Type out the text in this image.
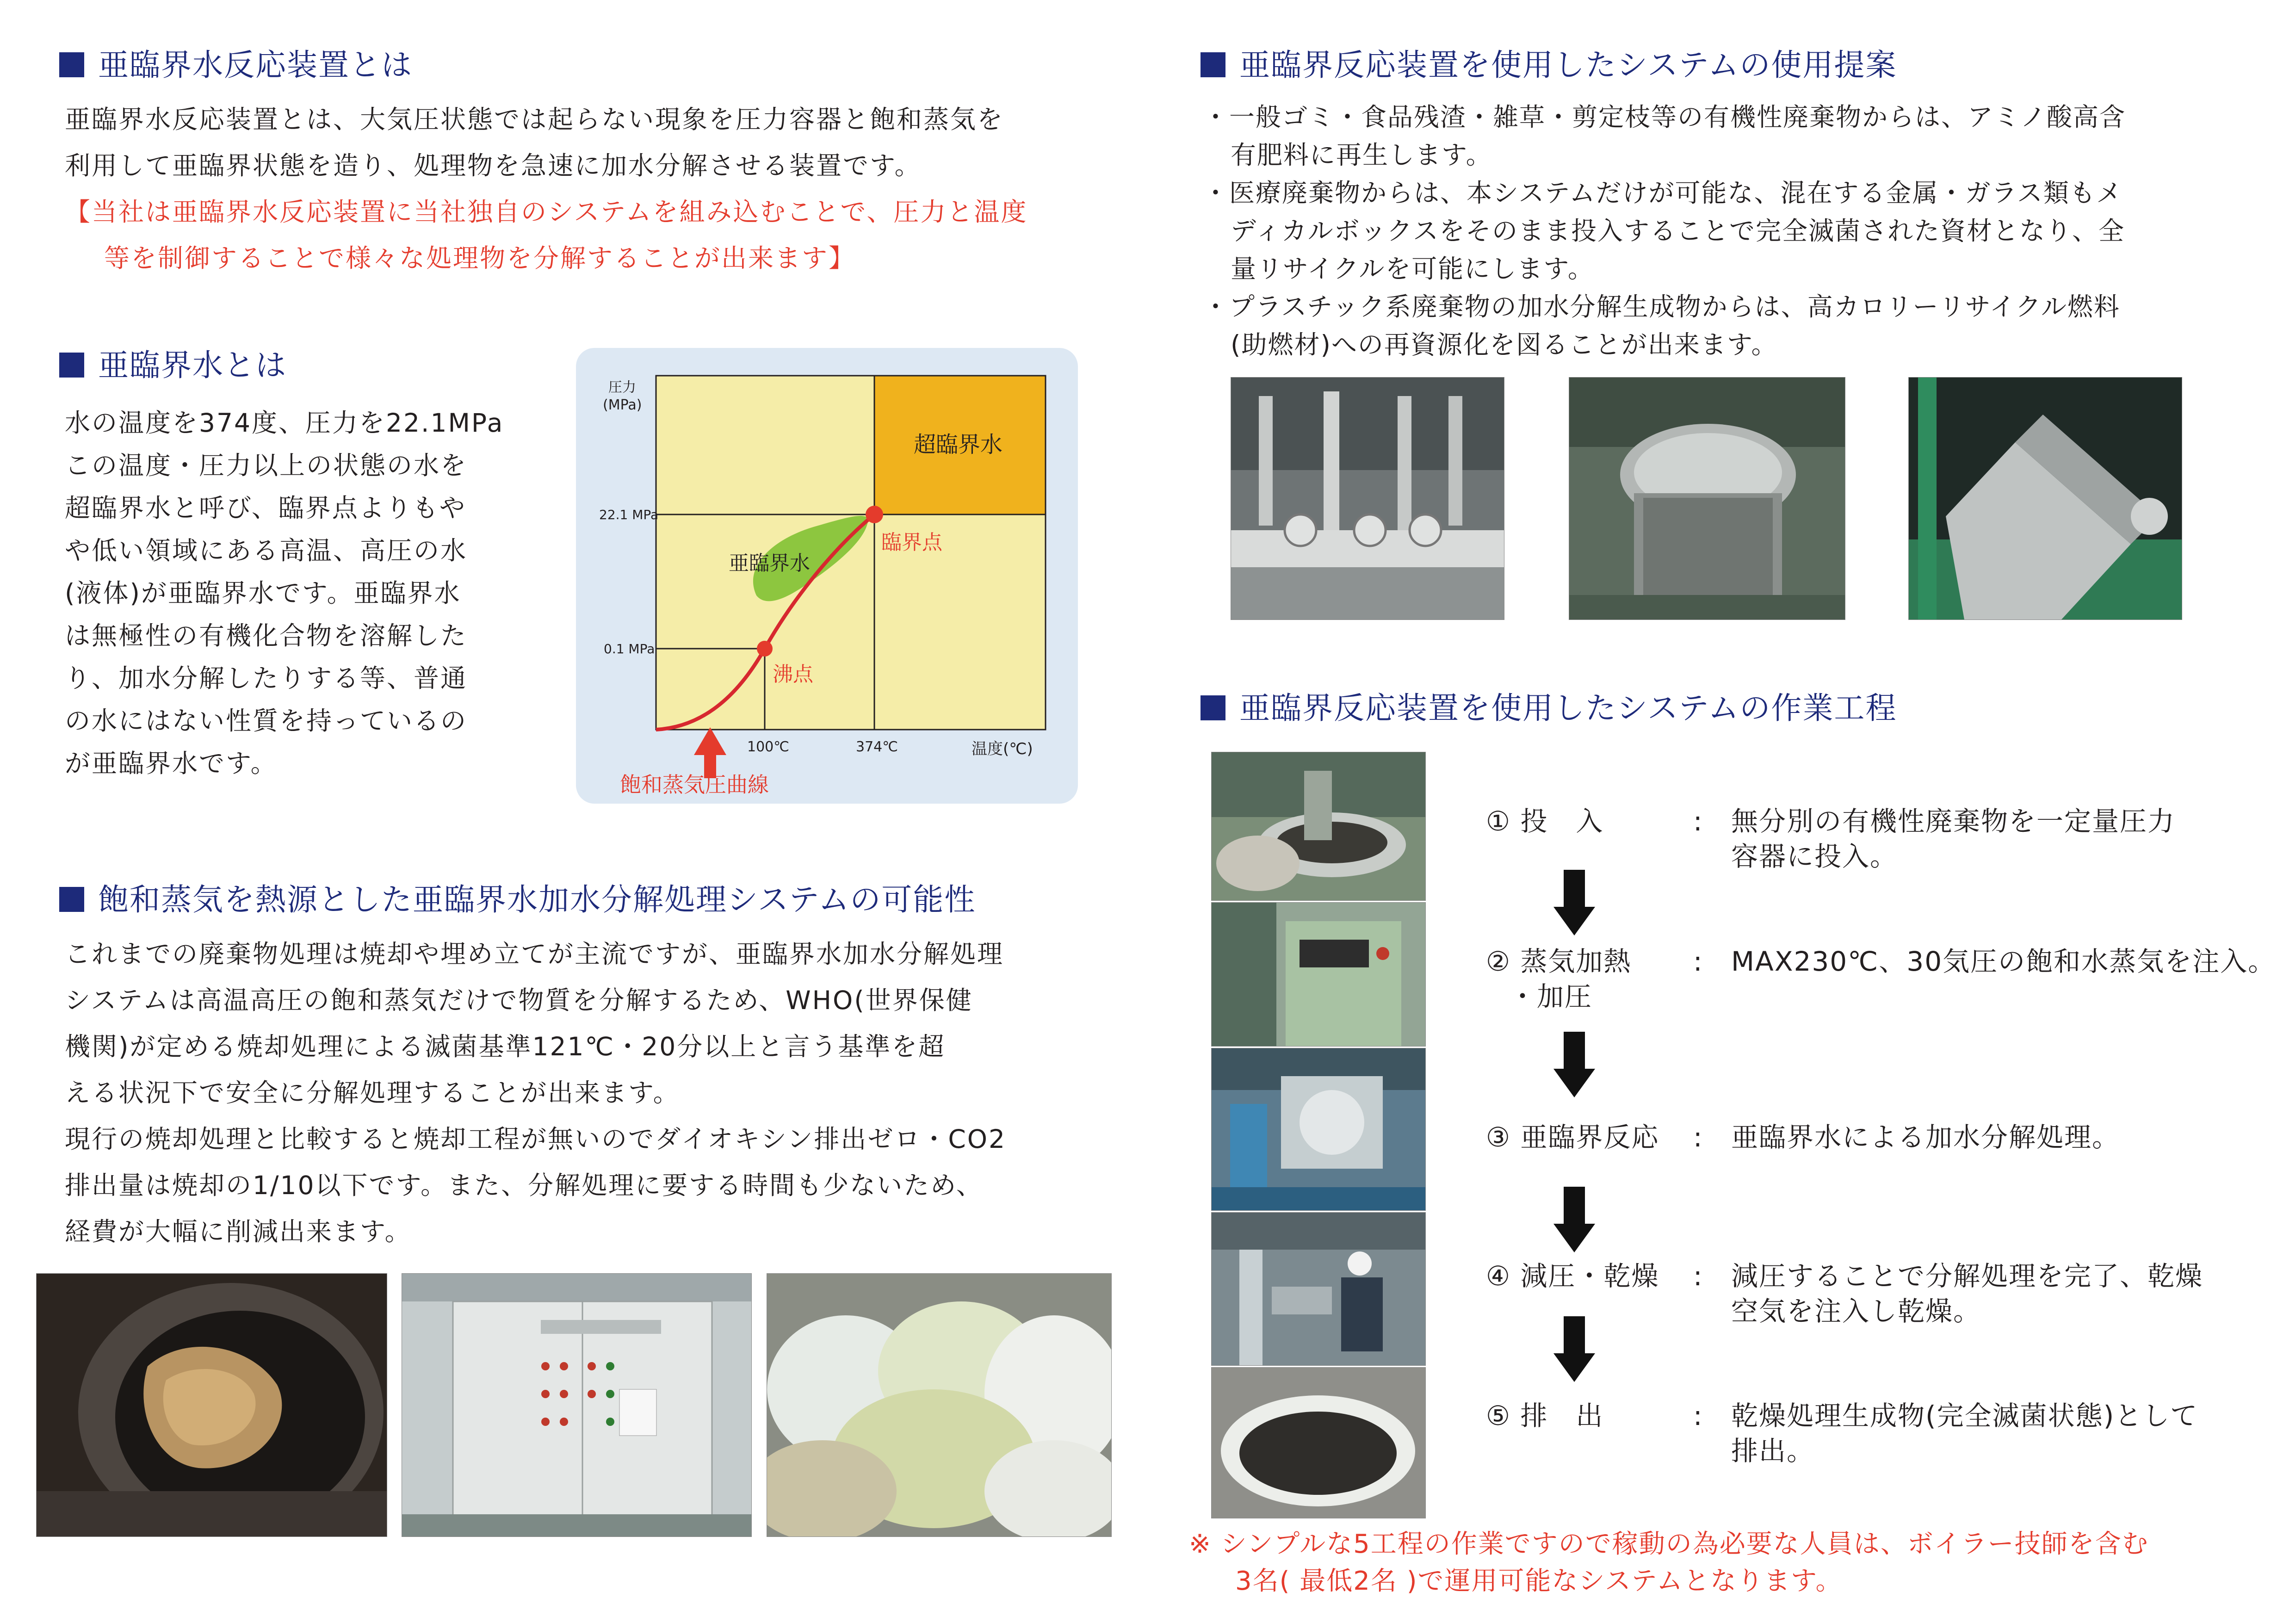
亜臨界水反応装置とは
亜臨界水反応装置とは、大気圧状態では起らない現象を圧力容器と飽和蒸気を
利用して亜臨界状態を造り、処理物を急速に加水分解させる装置です。
【当社は亜臨界水反応装置に当社独自のシステムを組み込むことで、圧力と温度
等を制御することで様々な処理物を分解することが出来ます】
亜臨界水とは
水の温度を374度、圧力を22.1MPa
この温度・圧力以上の状態の水を
超臨界水と呼び、臨界点よりもや
や低い領域にある高温、高圧の水
(液体)が亜臨界水です。亜臨界水
は無極性の有機化合物を溶解した
り、加水分解したりする等、普通
の水にはない性質を持っているの
が亜臨界水です。
圧力
(MPa)
22.1 MPa
0.1 MPa
100℃	374℃	温度(℃)
超臨界水
亜臨界水
臨界点
沸点
飽和蒸気圧曲線
飽和蒸気を熱源とした亜臨界水加水分解処理システムの可能性
これまでの廃棄物処理は焼却や埋め立てが主流ですが、亜臨界水加水分解処理
システムは高温高圧の飽和蒸気だけで物質を分解するため、WHO(世界保健
機関)が定める焼却処理による滅菌基準121℃・20分以上と言う基準を超
える状況下で安全に分解処理することが出来ます。
現行の焼却処理と比較すると焼却工程が無いのでダイオキシン排出ゼロ・CO2
排出量は焼却の1/10以下です。また、分解処理に要する時間も少ないため、
経費が大幅に削減出来ます。
亜臨界反応装置を使用したシステムの使用提案
・一般ゴミ・食品残渣・雑草・剪定枝等の有機性廃棄物からは、アミノ酸高含
有肥料に再生します。
・医療廃棄物からは、本システムだけが可能な、混在する金属・ガラス類もメ
ディカルボックスをそのまま投入することで完全滅菌された資材となり、全
量リサイクルを可能にします。
・プラスチック系廃棄物の加水分解生成物からは、高カロリーリサイクル燃料
(助燃材)への再資源化を図ることが出来ます。
亜臨界反応装置を使用したシステムの作業工程
① 投　入	: 無分別の有機性廃棄物を一定量圧力
容器に投入。
② 蒸気加熱
・加圧
: MAX230℃、30気圧の飽和水蒸気を注入。
③ 亜臨界反応 : 亜臨界水による加水分解処理。
④ 減圧・乾燥 : 減圧することで分解処理を完了、乾燥
空気を注入し乾燥。
⑤ 排　出	: 乾燥処理生成物(完全滅菌状態)として
排出。
※ シンプルな5工程の作業ですので稼動の為必要な人員は、ボイラー技師を含む
3名( 最低2名 )で運用可能なシステムとなります。
